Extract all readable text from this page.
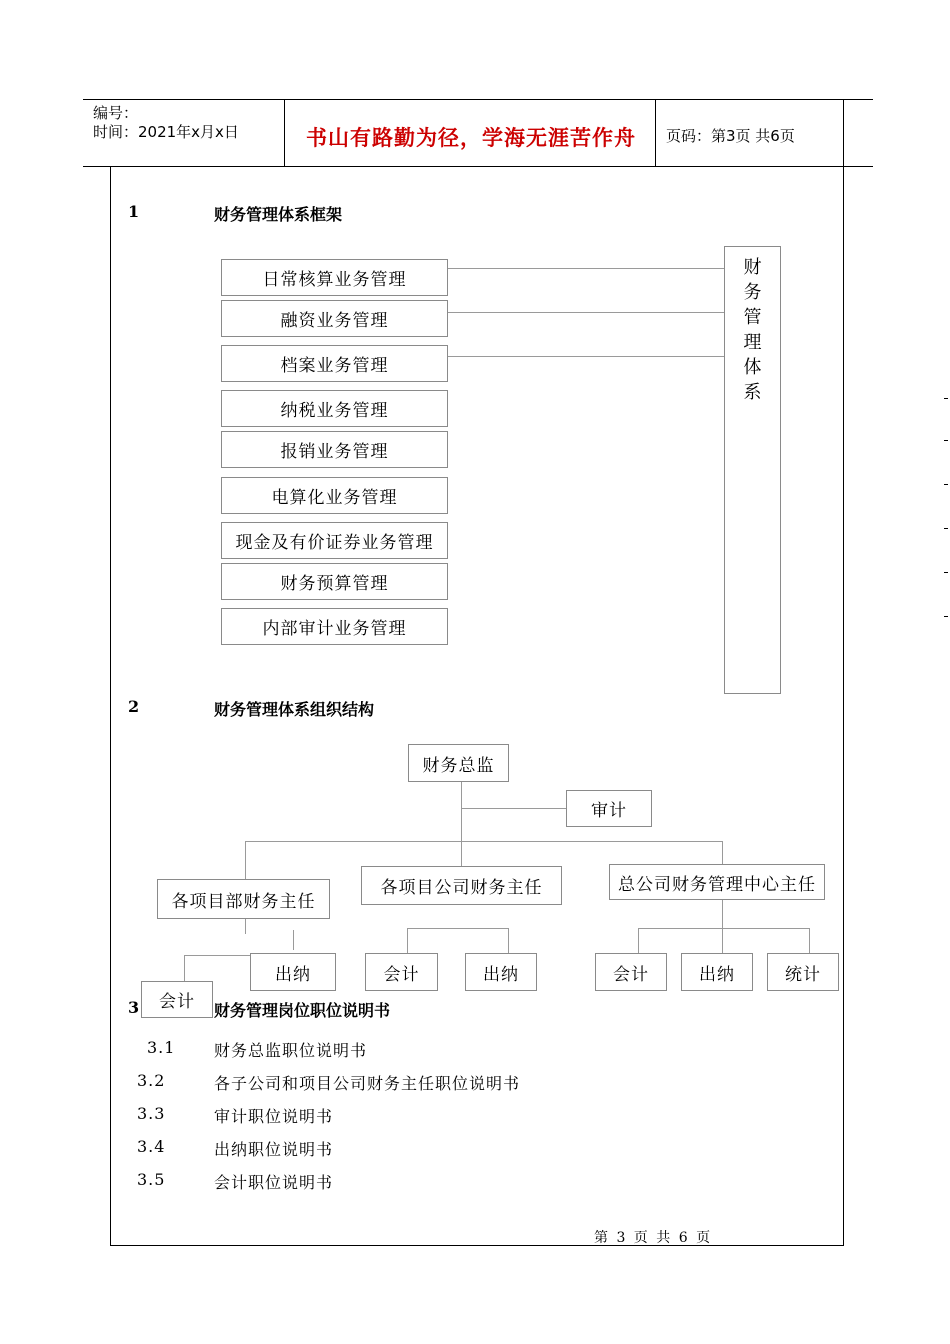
编号：
时间：2021年x月x日	书山有路勤为径，学海无涯苦作舟 页码：第3页 共6页
1	财务管理体系框架
日常核算业务管理
融资业务管理
档案业务管理
纳税业务管理
报销业务管理
电算化业务管理
现金及有价证券业务管理
财务预算管理
内部审计业务管理
财
务
管
理
体
系
2	财务管理体系组织结构
财务总监
审计
各项目部财务主任
各项目公司财务主任	总公司财务管理中心主任
出纳
会计
会计	出纳	会计	出纳	统计
3	财务管理岗位职位说明书
3.1 财务总监职位说明书
3.2	各子公司和项目公司财务主任职位说明书
3.3	审计职位说明书
3.4	出纳职位说明书
3.5	会计职位说明书
第 3 页 共 6 页
